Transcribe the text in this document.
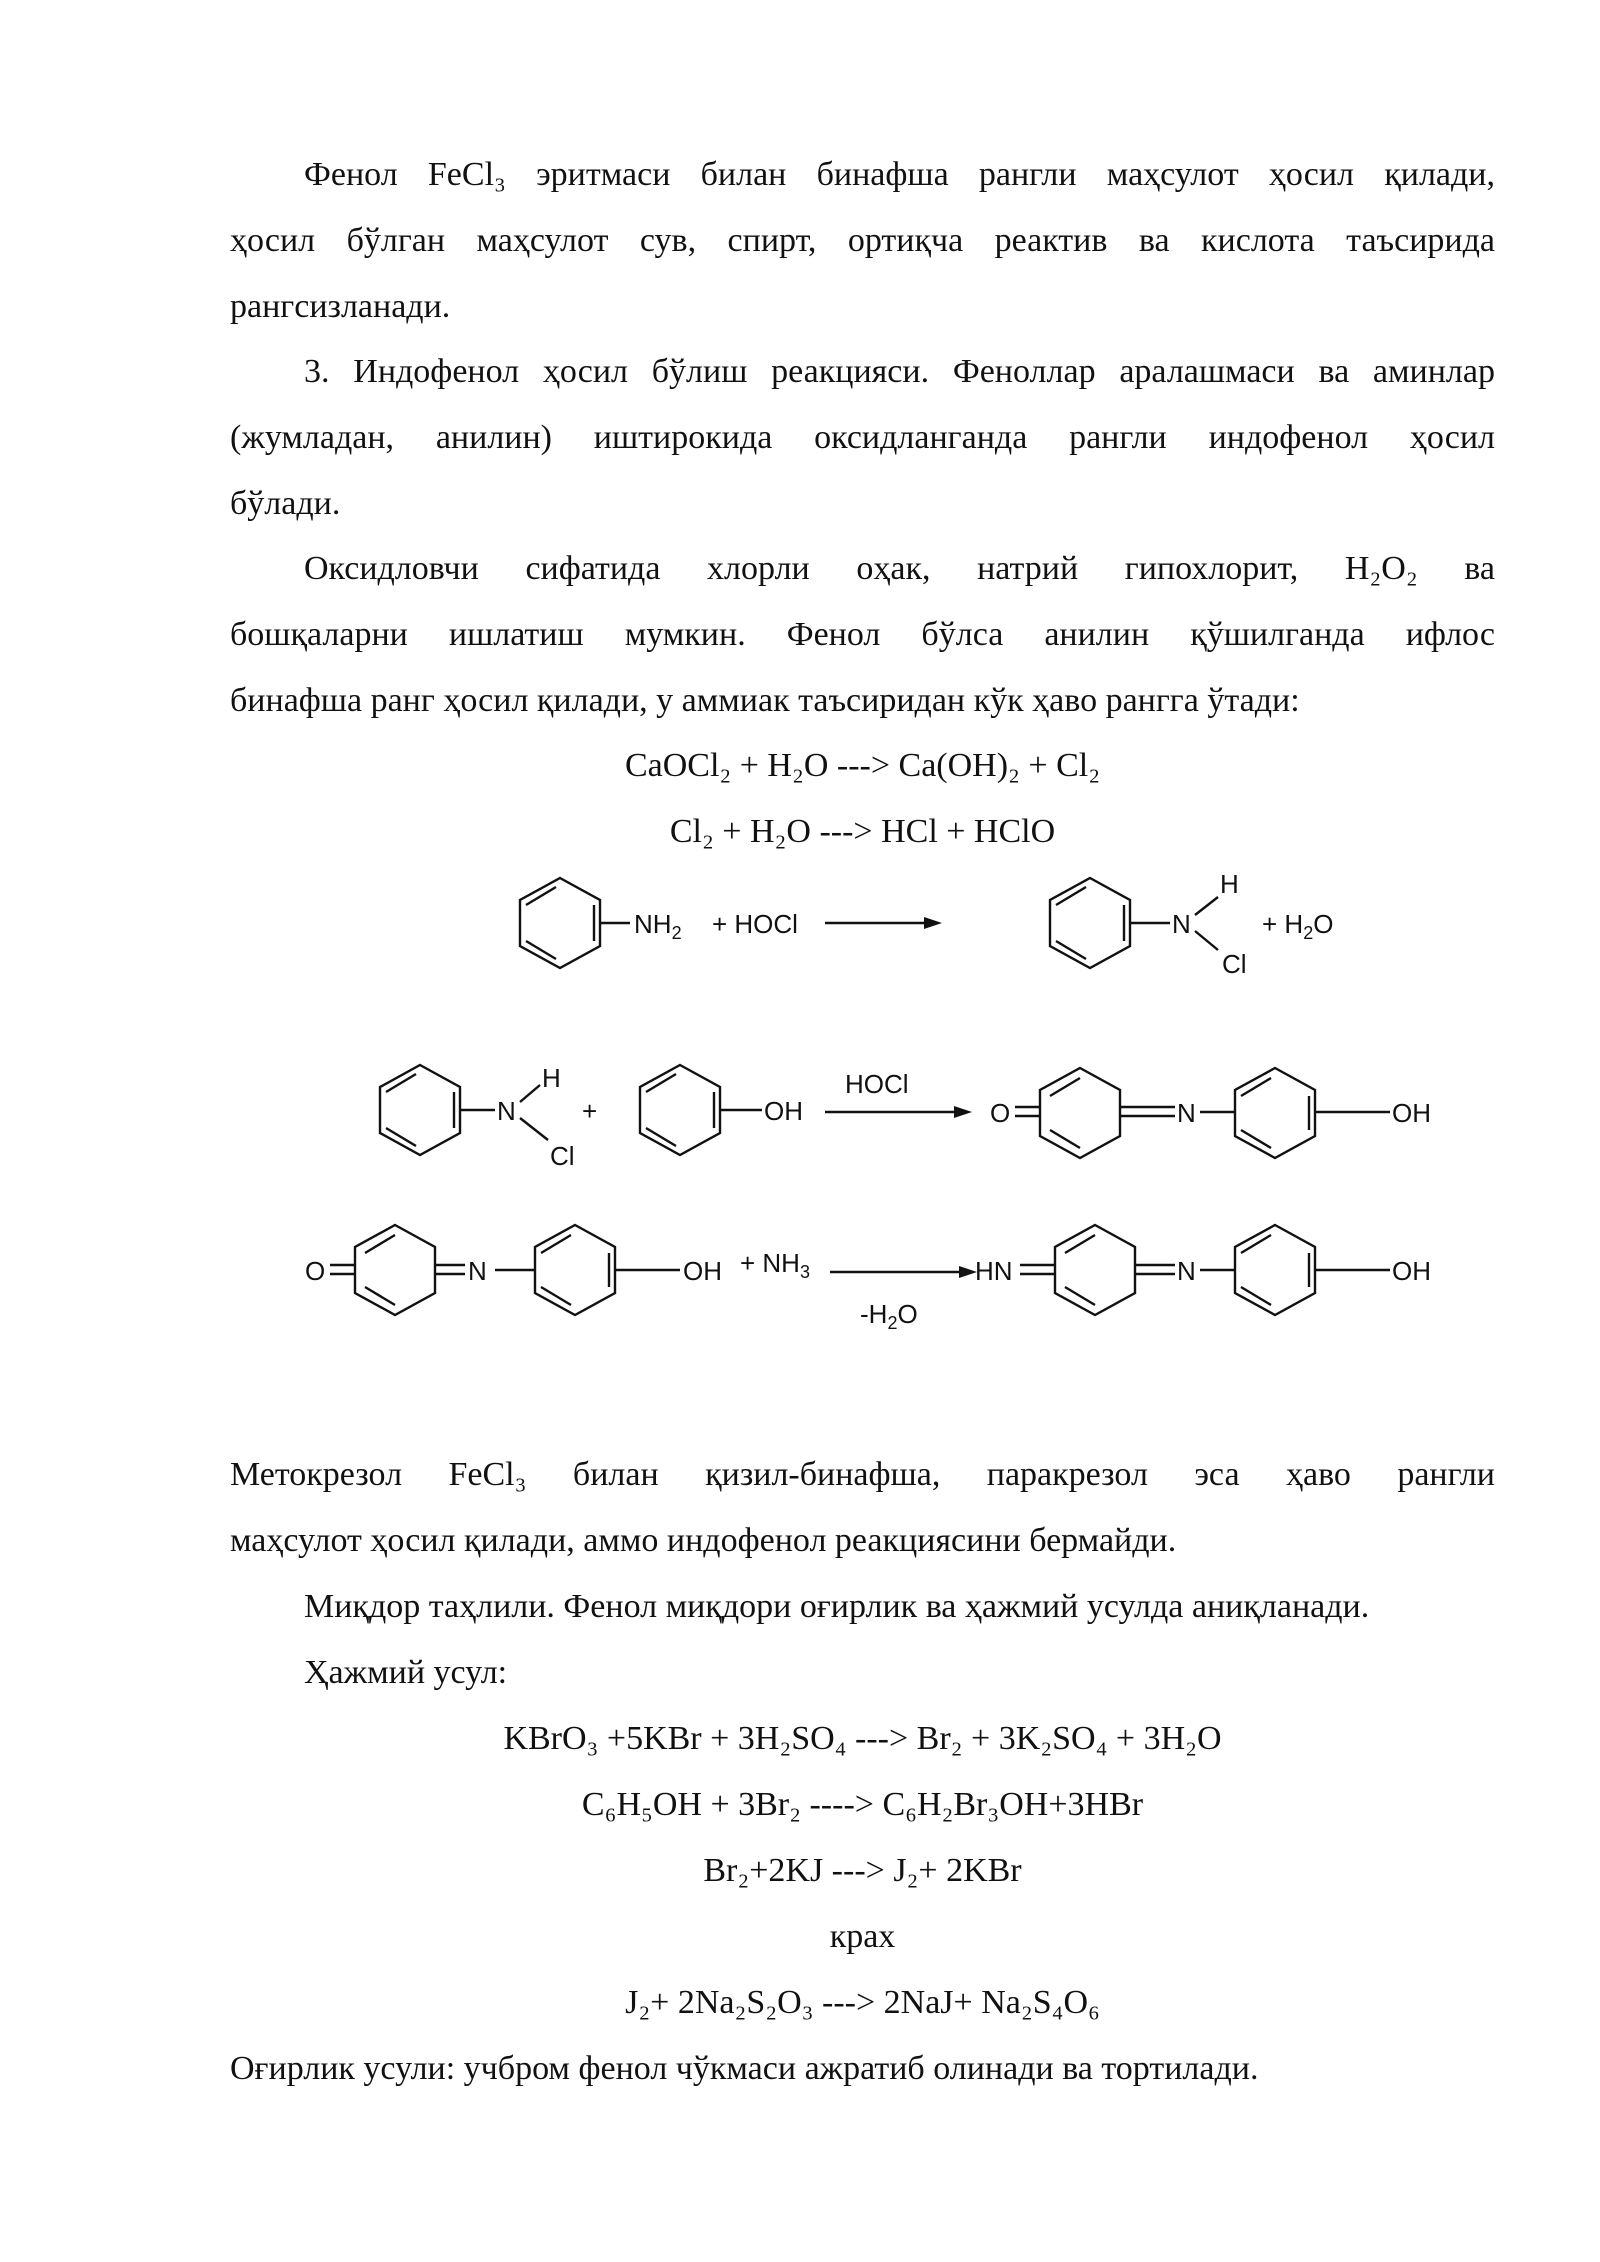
Фенол FeCl₃ эритмаси билан бинафша рангли маҳсулот ҳосил қилади,
ҳосил бўлган маҳсулот сув, спирт, ортиқча реактив ва кислота таъсирида
рангсизланади.
3. Индофенол ҳосил бўлиш реакцияси. Феноллар аралашмаси ва аминлар
(жумладан, анилин) иштирокида оксидланганда рангли индофенол ҳосил
бўлади.
Оксидловчи сифатида хлорли оҳак, натрий гипохлорит, H₂O₂ ва
бошқаларни ишлатиш мумкин. Фенол бўлса анилин қўшилганда ифлос
бинафша ранг ҳосил қилади, у аммиак таъсиридан кўк ҳаво рангга ўтади:
CaOCl₂ + H₂O ---> Ca(OH)₂ + Cl₂
Cl₂ + H₂O ---> HCl + HClO
$NH_2$ + HOCl
H
N
Cl
+ $H_2O$
H
N
Cl
+	OH
HOCl
O	N	OH
O	N	OH + $NH_3$
$-H_2O$
HN	N	OH
Метокрезол FeCl₃ билан қизил-бинафша, паракрезол эса ҳаво рангли
маҳсулот ҳосил қилади, аммо индофенол реакциясини бермайди.
Миқдор таҳлили. Фенол миқдори оғирлик ва ҳажмий усулда аниқланади.
Ҳажмий усул:
KBrO₃ +5KBr + 3H₂SO₄ ---> Br₂ + 3K₂SO₄ + 3H₂O
C₆H₅OH + 3Br₂ ----> C₆H₂Br₃OH+3HBr
Br₂+2KJ ---> J₂+ 2KBr
крах
J₂+ 2Na₂S₂O₃ ---> 2NaJ+ Na₂S₄O₆
Оғирлик усули: учбром фенол чўкмаси ажратиб олинади ва тортилади.
